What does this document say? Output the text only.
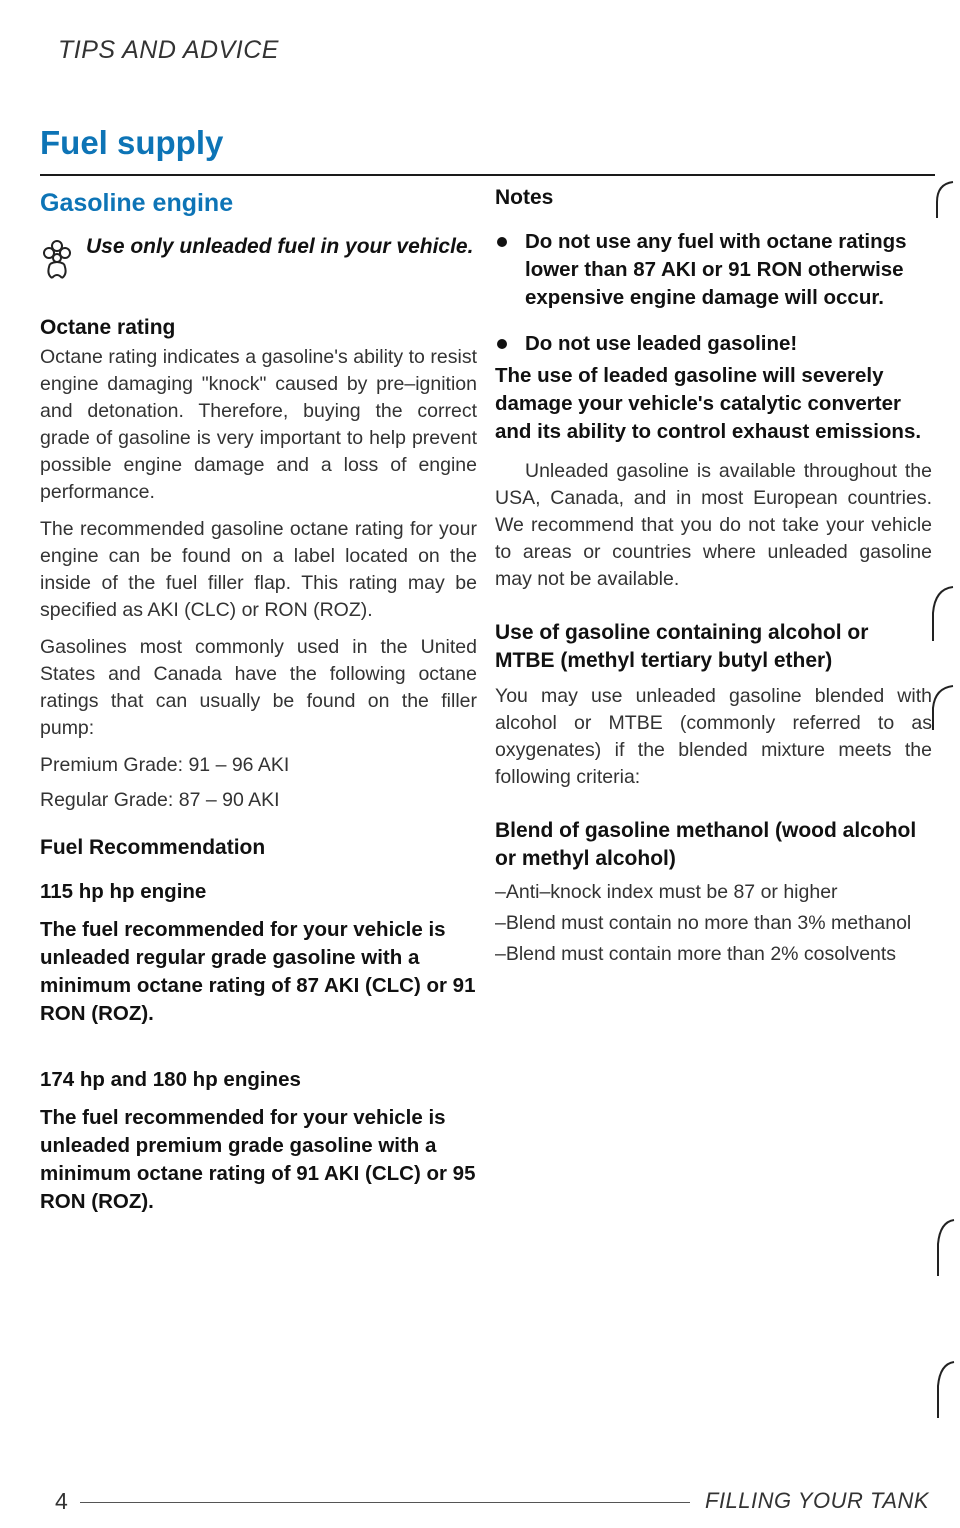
TIPS AND ADVICE
Fuel supply

Gasoline engine

Use only unleaded fuel in your vehicle.

Octane rating

Octane rating indicates a gasoline's ability to resist engine damaging "knock" caused by pre–ignition and detonation. Therefore, buying the correct grade of gasoline is very important to help prevent possible engine damage and a loss of engine performance.

The recommended gasoline octane rating for your engine can be found on a label located on the inside of the fuel filler flap. This rating may be specified as AKI (CLC) or RON (ROZ).

Gasolines most commonly used in the United States and Canada have the following octane ratings that can usually be found on the filler pump:

Premium Grade: 91 – 96 AKI

Regular Grade: 87 – 90 AKI

Fuel Recommendation

115 hp hp engine

The fuel recommended for your vehicle is unleaded regular grade gasoline with a minimum octane rating of 87 AKI (CLC) or 91 RON (ROZ).

174 hp and 180 hp engines

The fuel recommended for your vehicle is unleaded premium grade gasoline with a minimum octane rating of 91 AKI (CLC) or 95 RON (ROZ).

Notes

Do not use any fuel with octane ratings lower than 87 AKI or 91 RON otherwise expensive engine damage will occur.

Do not use leaded gasoline!

The use of leaded gasoline will severely damage your vehicle's catalytic converter and its ability to control exhaust emissions.

Unleaded gasoline is available throughout the USA, Canada, and in most European countries. We recommend that you do not take your vehicle to areas or countries where unleaded gasoline may not be available.

Use of gasoline containing alcohol or MTBE (methyl tertiary butyl ether)

You may use unleaded gasoline blended with alcohol or MTBE (commonly referred to as oxygenates) if the blended mixture meets the following criteria:

Blend of gasoline methanol (wood alcohol or methyl alcohol)

–Anti–knock index must be 87 or higher

–Blend must contain no more than 3% methanol

–Blend must contain more than 2% cosolvents

4	FILLING YOUR TANK
